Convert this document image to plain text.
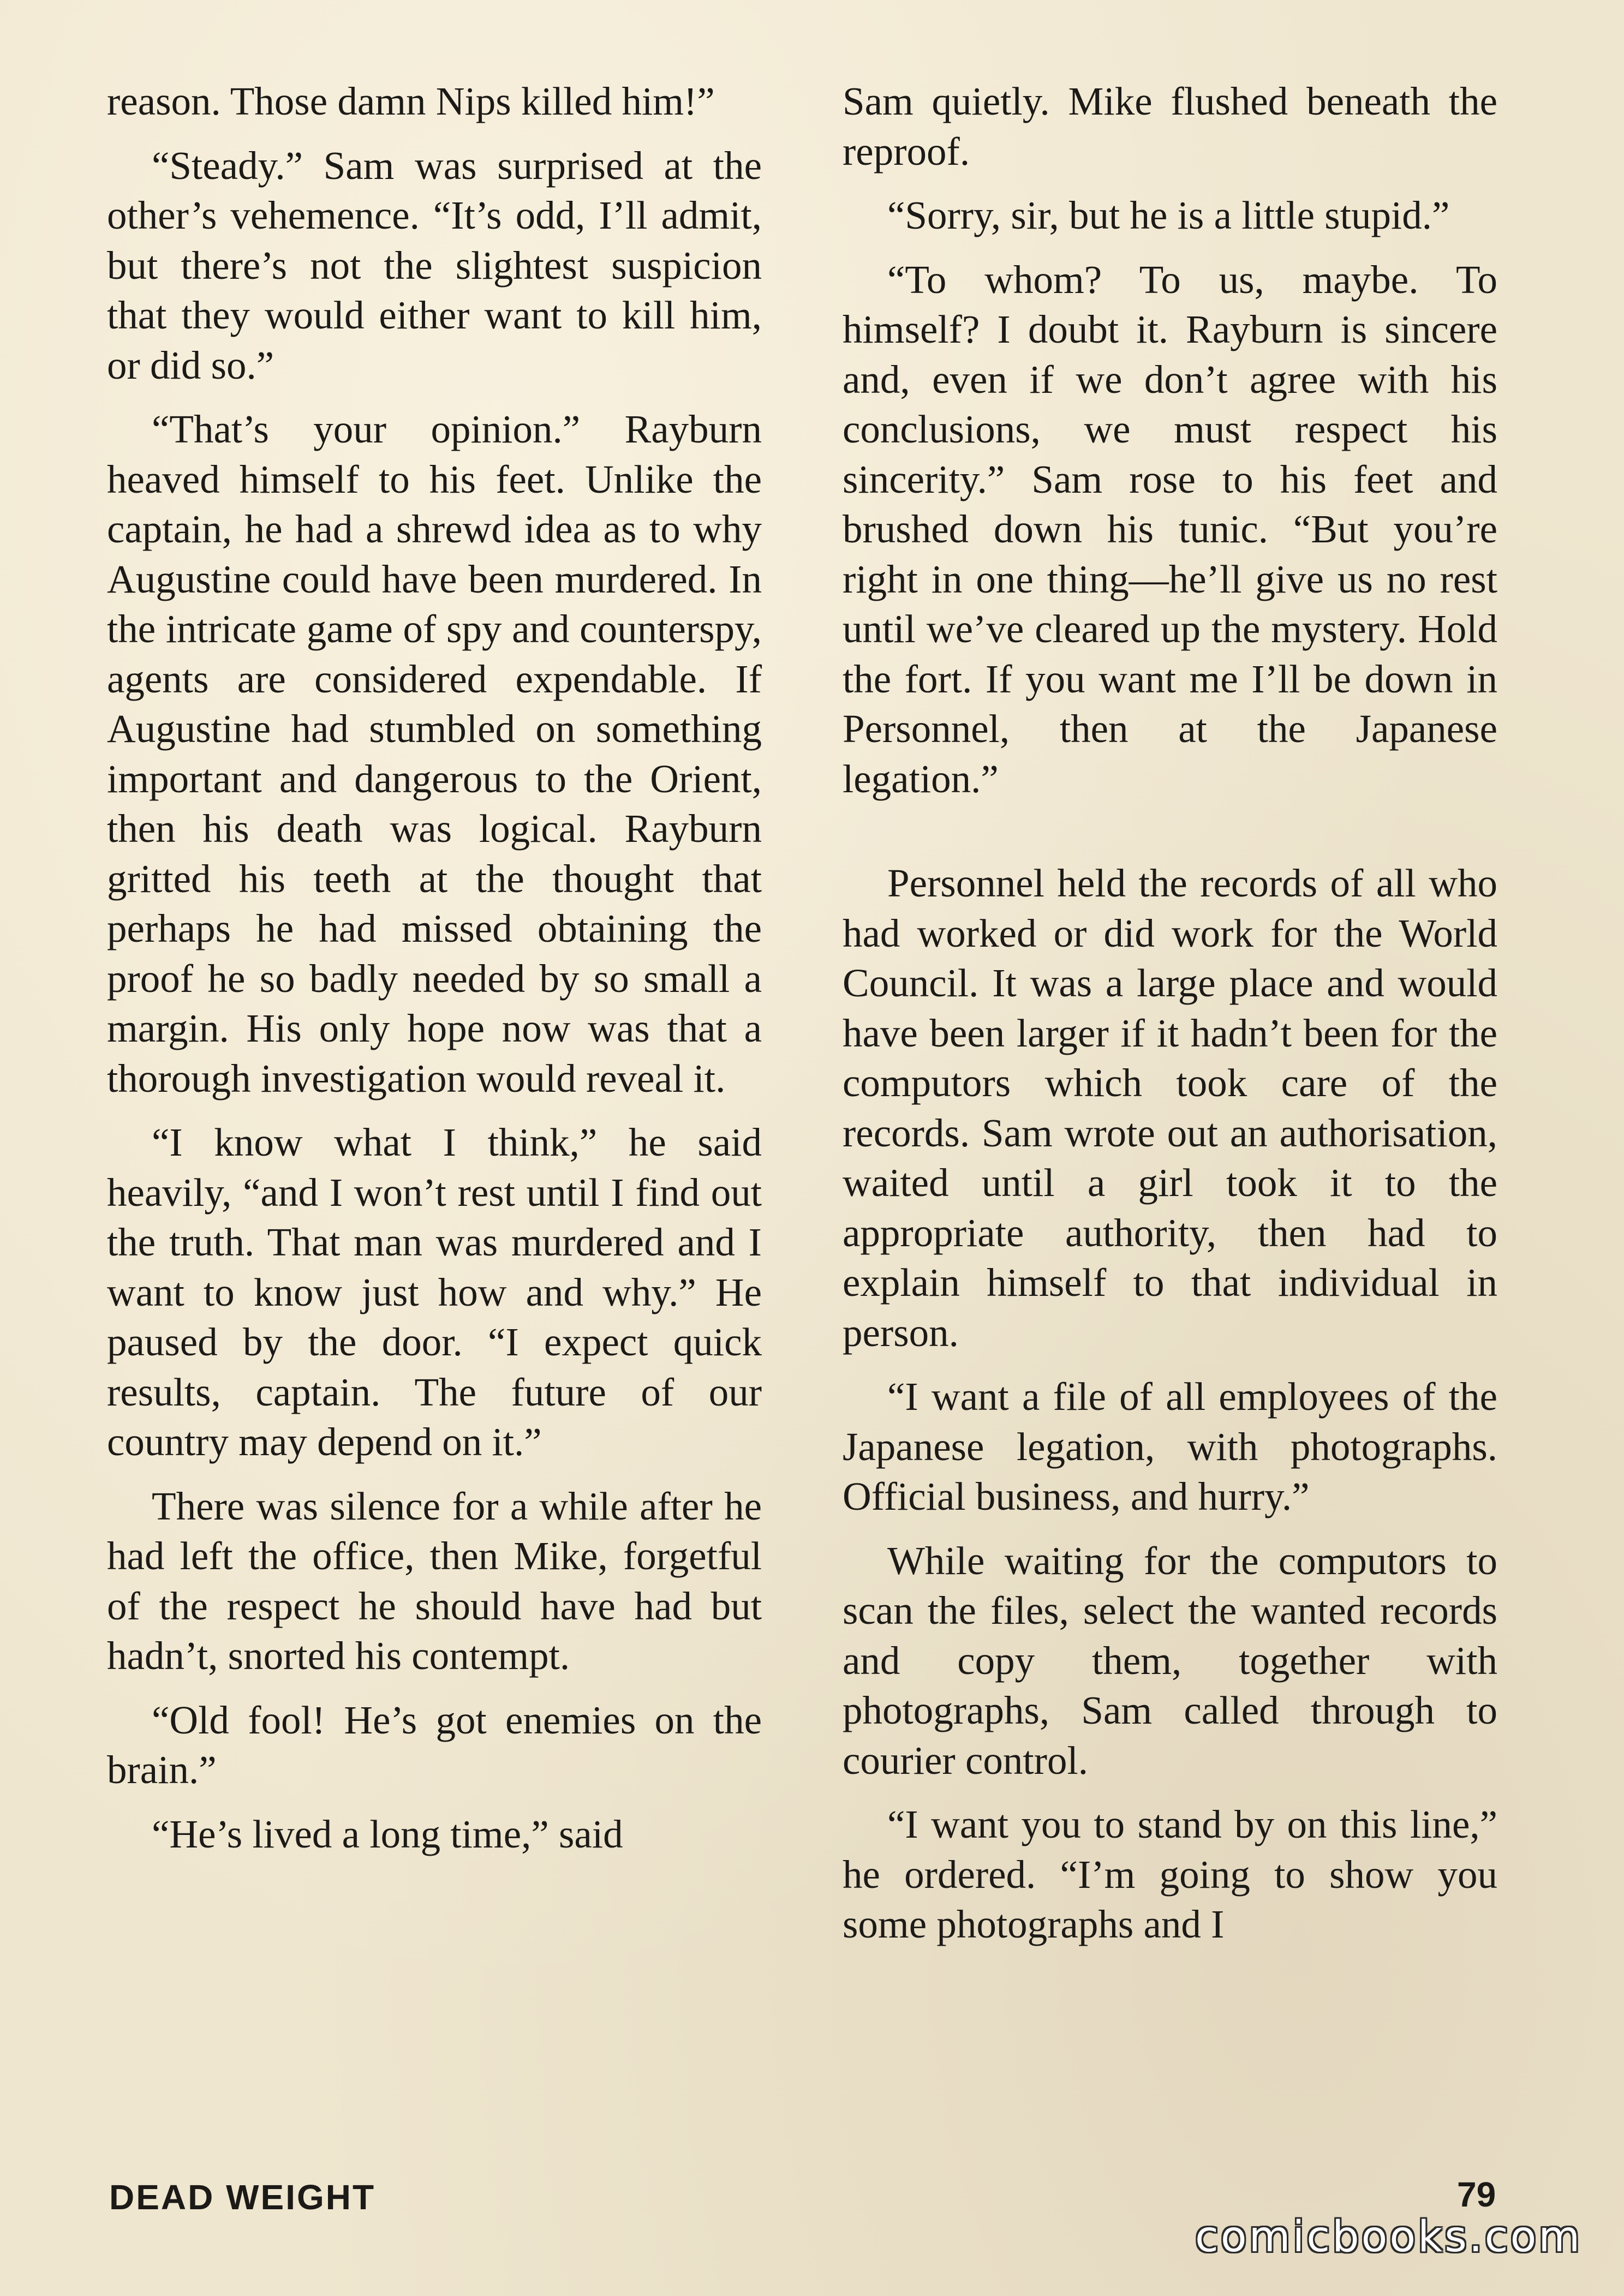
reason. Those damn Nips killed him!”

“Steady.” Sam was surprised at the other’s vehemence. “It’s odd, I’ll admit, but there’s not the slightest suspicion that they would either want to kill him, or did so.”

“That’s your opinion.” Rayburn heaved himself to his feet. Unlike the captain, he had a shrewd idea as to why Augustine could have been murdered. In the intricate game of spy and counterspy, agents are considered expendable. If Augustine had stumbled on something important and dangerous to the Orient, then his death was logical. Rayburn gritted his teeth at the thought that perhaps he had missed obtaining the proof he so badly needed by so small a margin. His only hope now was that a thorough investigation would reveal it.

“I know what I think,” he said heavily, “and I won’t rest until I find out the truth. That man was murdered and I want to know just how and why.” He paused by the door. “I expect quick results, captain. The future of our country may depend on it.”

There was silence for a while after he had left the office, then Mike, forgetful of the respect he should have had but hadn’t, snorted his contempt.

“Old fool! He’s got enemies on the brain.”

“He’s lived a long time,” said

Sam quietly. Mike flushed beneath the reproof.

“Sorry, sir, but he is a little stupid.”

“To whom? To us, maybe. To himself? I doubt it. Rayburn is sincere and, even if we don’t agree with his conclusions, we must respect his sincerity.” Sam rose to his feet and brushed down his tunic. “But you’re right in one thing—he’ll give us no rest until we’ve cleared up the mystery. Hold the fort. If you want me I’ll be down in Personnel, then at the Japanese legation.”

Personnel held the records of all who had worked or did work for the World Council. It was a large place and would have been larger if it hadn’t been for the computors which took care of the records. Sam wrote out an authorisation, waited until a girl took it to the appropriate authority, then had to explain himself to that individual in person.

“I want a file of all employees of the Japanese legation, with photographs. Official business, and hurry.”

While waiting for the computors to scan the files, select the wanted records and copy them, together with photographs, Sam called through to courier control.

“I want you to stand by on this line,” he ordered. “I’m going to show you some photographs and I

DEAD WEIGHT	79
comicbooks.com
